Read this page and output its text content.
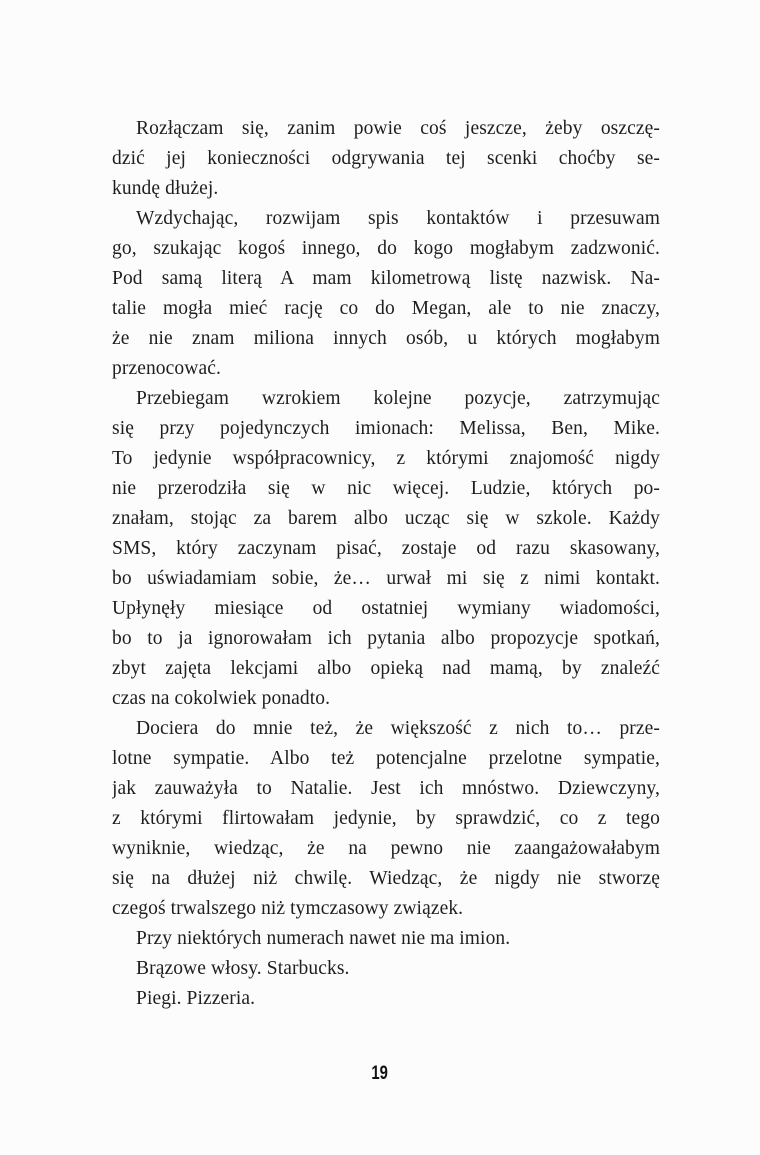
Rozłączam się, zanim powie coś jeszcze, żeby oszczę-
dzić jej konieczności odgrywania tej scenki choćby se-
kundę dłużej.
Wzdychając, rozwijam spis kontaktów i przesuwam
go, szukając kogoś innego, do kogo mogłabym zadzwonić.
Pod samą literą A mam kilometrową listę nazwisk. Na-
talie mogła mieć rację co do Megan, ale to nie znaczy,
że nie znam miliona innych osób, u których mogłabym
przenocować.
Przebiegam wzrokiem kolejne pozycje, zatrzymując
się przy pojedynczych imionach: Melissa, Ben, Mike.
To jedynie współpracownicy, z którymi znajomość nigdy
nie przerodziła się w nic więcej. Ludzie, których po-
znałam, stojąc za barem albo ucząc się w szkole. Każdy
SMS, który zaczynam pisać, zostaje od razu skasowany,
bo uświadamiam sobie, że… urwał mi się z nimi kontakt.
Upłynęły miesiące od ostatniej wymiany wiadomości,
bo to ja ignorowałam ich pytania albo propozycje spotkań,
zbyt zajęta lekcjami albo opieką nad mamą, by znaleźć
czas na cokolwiek ponadto.
Dociera do mnie też, że większość z nich to… prze-
lotne sympatie. Albo też potencjalne przelotne sympatie,
jak zauważyła to Natalie. Jest ich mnóstwo. Dziewczyny,
z którymi flirtowałam jedynie, by sprawdzić, co z tego
wyniknie, wiedząc, że na pewno nie zaangażowałabym
się na dłużej niż chwilę. Wiedząc, że nigdy nie stworzę
czegoś trwalszego niż tymczasowy związek.
Przy niektórych numerach nawet nie ma imion.
Brązowe włosy. Starbucks.
Piegi. Pizzeria.
19
